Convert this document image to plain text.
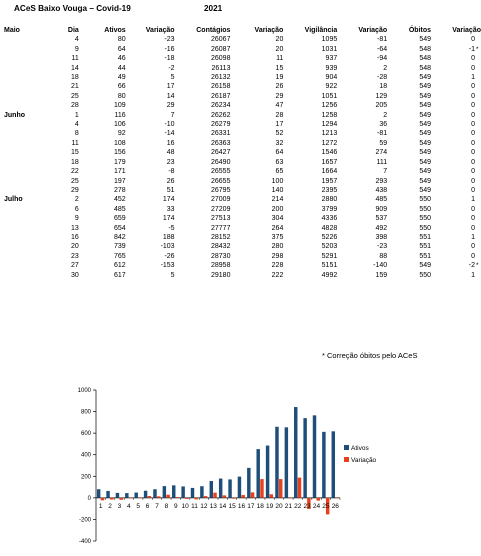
ACeS Baixo Vouga – Covid-19	2021
Maio	Dia	Ativos	Variação	Contágios	Variação	Vigilância	Variação	Óbitos	Variação
	4	80	-23	26067	20	1095	-81	549	0
	9	64	-16	26087	20	1031	-64	548	-1*
	11	46	-18	26098	11	937	-94	548	0
	14	44	-2	26113	15	939	2	548	0
	18	49	5	26132	19	904	-28	549	1
	21	66	17	26158	26	922	18	549	0
	25	80	14	26187	29	1051	129	549	0
	28	109	29	26234	47	1256	205	549	0
Junho	1	116	7	26262	28	1258	2	549	0
	4	106	-10	26279	17	1294	36	549	0
	8	92	-14	26331	52	1213	-81	549	0
	11	108	16	26363	32	1272	59	549	0
	15	156	48	26427	64	1546	274	549	0
	18	179	23	26490	63	1657	111	549	0
	22	171	-8	26555	65	1664	7	549	0
	25	197	26	26655	100	1957	293	549	0
	29	278	51	26795	140	2395	438	549	0
Julho	2	452	174	27009	214	2880	485	550	1
	6	485	33	27209	200	3799	909	550	0
	9	659	174	27513	304	4336	537	550	0
	13	654	-5	27777	264	4828	492	550	0
	16	842	188	28152	375	5226	398	551	1
	20	739	-103	28432	280	5203	-23	551	0
	23	765	-26	28730	298	5291	88	551	0
	27	612	-153	28958	228	5151	-140	549	-2*
	30	617	5	29180	222	4992	159	550	1
* Correção óbitos pelo ACeS
1000
800
600
400
200
0
-200
-400
1 2 3 4 5 6 7 8 9 10 11 12 13 14 15 16 17 18 19 20 21 22 23 24 25 26
Ativos
Variação
